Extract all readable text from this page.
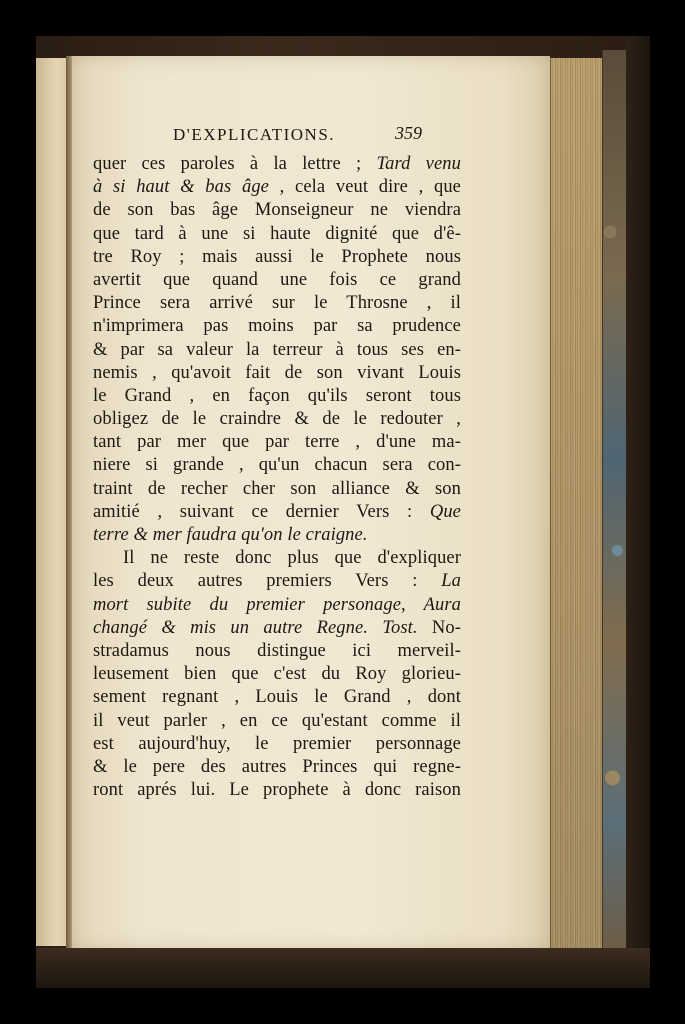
D'EXPLICATIONS.	359
quer ces paroles à la lettre ; Tard venu
à si haut & bas âge , cela veut dire , que
de son bas âge Monseigneur ne viendra
que tard à une si haute dignité que d'ê-
tre Roy ; mais aussi le Prophete nous
avertit que quand une fois ce grand
Prince sera arrivé sur le Throsne , il
n'imprimera pas moins par sa prudence
& par sa valeur la terreur à tous ses en-
nemis , qu'avoit fait de son vivant Louis
le Grand , en façon qu'ils seront tous
obligez de le craindre & de le redouter ,
tant par mer que par terre , d'une ma-
niere si grande , qu'un chacun sera con-
traint de recher cher son alliance & son
amitié , suivant ce dernier Vers : Que
terre & mer faudra qu'on le craigne.
Il ne reste donc plus que d'expliquer
les deux autres premiers Vers : La
mort subite du premier personage, Aura
changé & mis un autre Regne. Tost. No-
stradamus nous distingue ici merveil-
leusement bien que c'est du Roy glorieu-
sement regnant , Louis le Grand , dont
il veut parler , en ce qu'estant comme il
est aujourd'huy, le premier personnage
& le pere des autres Princes qui regne-
ront aprés lui. Le prophete à donc raison
